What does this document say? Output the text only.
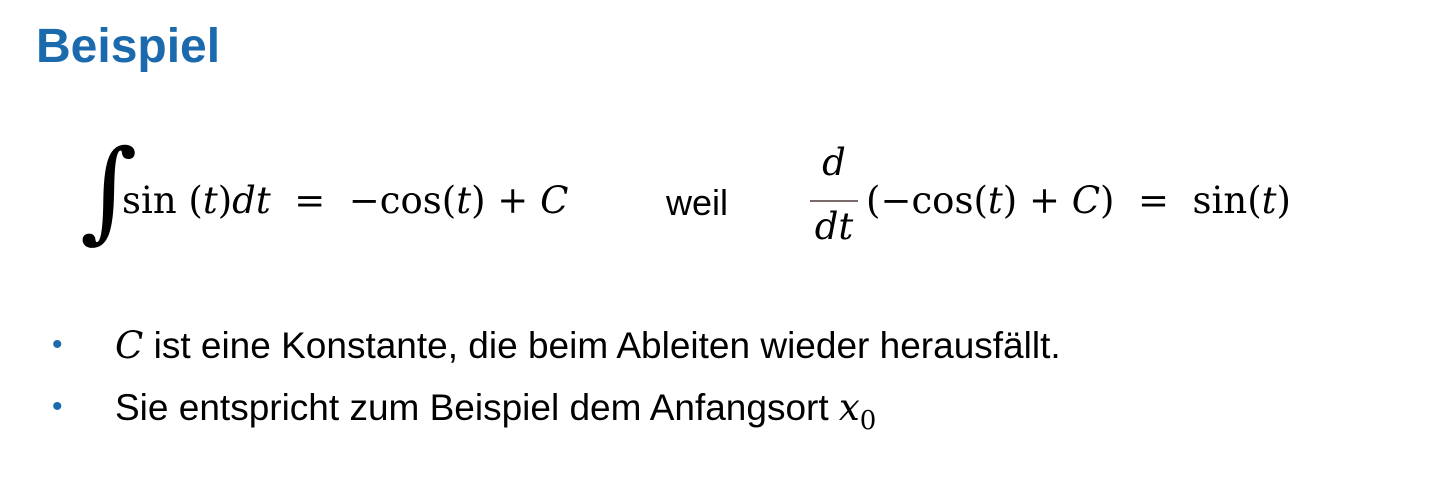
Beispiel
∫
sin (t)dt  =  −cos(t) + C	weil

d

dt

(−cos(t) + C)  =  sin(t)
• C ist eine Konstante, die beim Ableiten wieder herausfällt.
• Sie entspricht zum Beispiel dem Anfangsort $x_0$
